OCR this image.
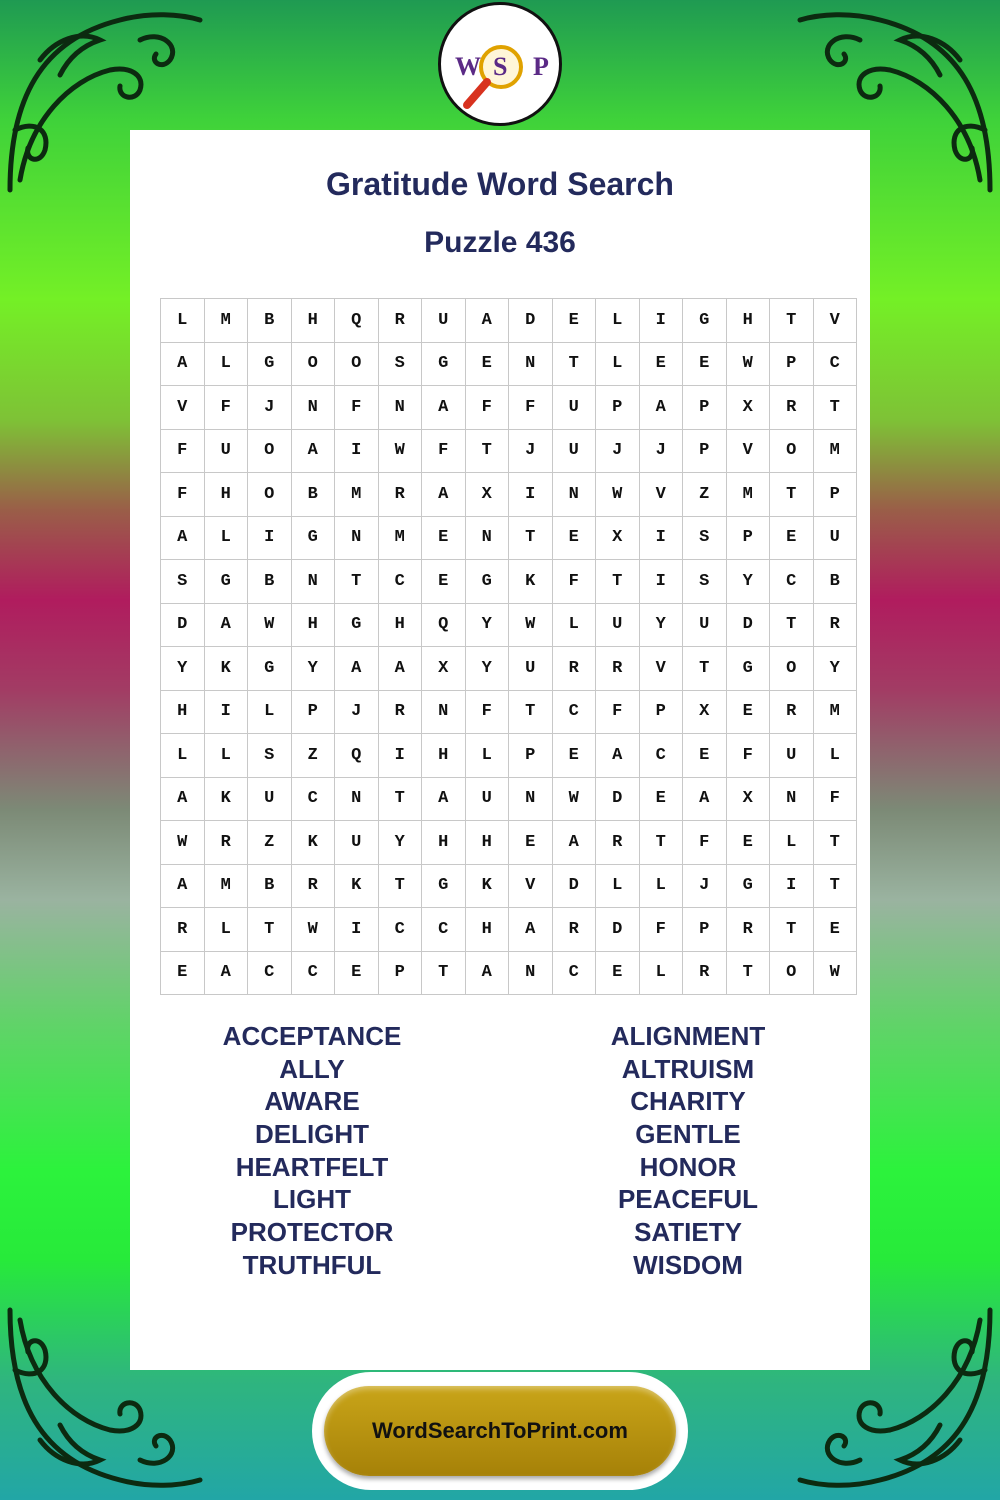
W S P
Gratitude Word Search
Puzzle 436
L	M	B	H	Q	R	U	A	D	E	L	I	G	H	T	V
A	L	G	O	O	S	G	E	N	T	L	E	E	W	P	C
V	F	J	N	F	N	A	F	F	U	P	A	P	X	R	T
F	U	O	A	I	W	F	T	J	U	J	J	P	V	O	M
F	H	O	B	M	R	A	X	I	N	W	V	Z	M	T	P
A	L	I	G	N	M	E	N	T	E	X	I	S	P	E	U
S	G	B	N	T	C	E	G	K	F	T	I	S	Y	C	B
D	A	W	H	G	H	Q	Y	W	L	U	Y	U	D	T	R
Y	K	G	Y	A	A	X	Y	U	R	R	V	T	G	O	Y
H	I	L	P	J	R	N	F	T	C	F	P	X	E	R	M
L	L	S	Z	Q	I	H	L	P	E	A	C	E	F	U	L
A	K	U	C	N	T	A	U	N	W	D	E	A	X	N	F
W	R	Z	K	U	Y	H	H	E	A	R	T	F	E	L	T
A	M	B	R	K	T	G	K	V	D	L	L	J	G	I	T
R	L	T	W	I	C	C	H	A	R	D	F	P	R	T	E
E	A	C	C	E	P	T	A	N	C	E	L	R	T	O	W
ACCEPTANCE
ALLY
AWARE
DELIGHT
HEARTFELT
LIGHT
PROTECTOR
TRUTHFUL
ALIGNMENT
ALTRUISM
CHARITY
GENTLE
HONOR
PEACEFUL
SATIETY
WISDOM
WordSearchToPrint.com
